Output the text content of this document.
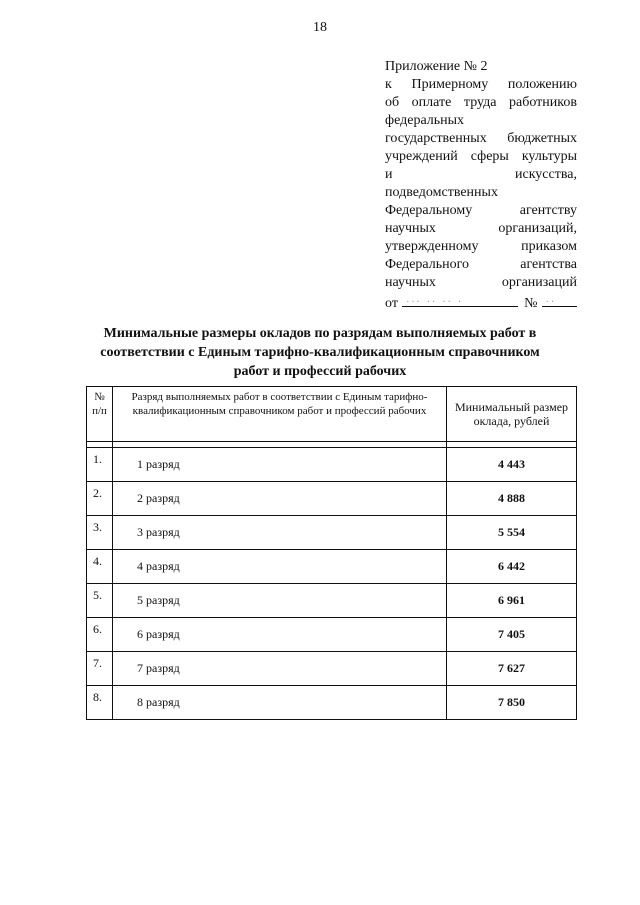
18
Приложение № 2
к Примерному положению
об оплате труда работников
федеральных
государственных бюджетных
учреждений сферы культуры
и искусства,
подведомственных
Федеральному агентству
научных организаций,
утвержденному приказом
Федерального агентства
научных организаций
от ··· ·· ·· ·	№ ··
Минимальные размеры окладов по разрядам выполняемых работ в
соответствии с Единым тарифно-квалификационным справочником
работ и профессий рабочих
№ п/п	Разряд выполняемых работ в соответствии с Единым тарифно-квалификационным справочником работ и профессий рабочих	Минимальный размер оклада, рублей

1.	1 разряд	4 443
2.	2 разряд	4 888
3.	3 разряд	5 554
4.	4 разряд	6 442
5.	5 разряд	6 961
6.	6 разряд	7 405
7.	7 разряд	7 627
8.	8 разряд	7 850
